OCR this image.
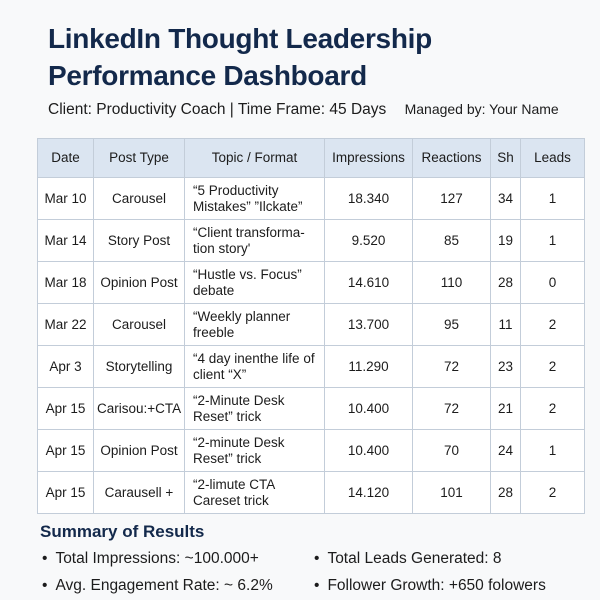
LinkedIn Thought Leadership Performance Dashboard
Client: Productivity Coach | Time Frame: 45 Days Managed by: Your Name
Date	Post Type	Topic / Format	Impressions	Reactions	Sh	Leads
Mar 10	Carousel	“5 Productivity Mistakes” ”Ilckate”	18.340	127	34	1
Mar 14	Story Post	“Client transforma- tion story'	9.520	85	19	1
Mar 18	Opinion Post	“Hustle vs. Focus” debate	14.610	110	28	0
Mar 22	Carousel	“Weekly planner freeble	13.700	95	11	2
Apr 3	Storytelling	“4 day inenthe life of client “X”	11.290	72	23	2
Apr 15	Carisou:+CTA	“2-Minute Desk Reset” trick	10.400	72	21	2
Apr 15	Opinion Post	“2-minute Desk Reset” trick	10.400	70	24	1
Apr 15	Carausell +	“2-limute CTA Careset trick	14.120	101	28	2
Summary of Results
• Total Impressions: ~100.000+	• Total Leads Generated: 8
• Avg. Engagement Rate: ~ 6.2%	• Follower Growth: +650 folowers
